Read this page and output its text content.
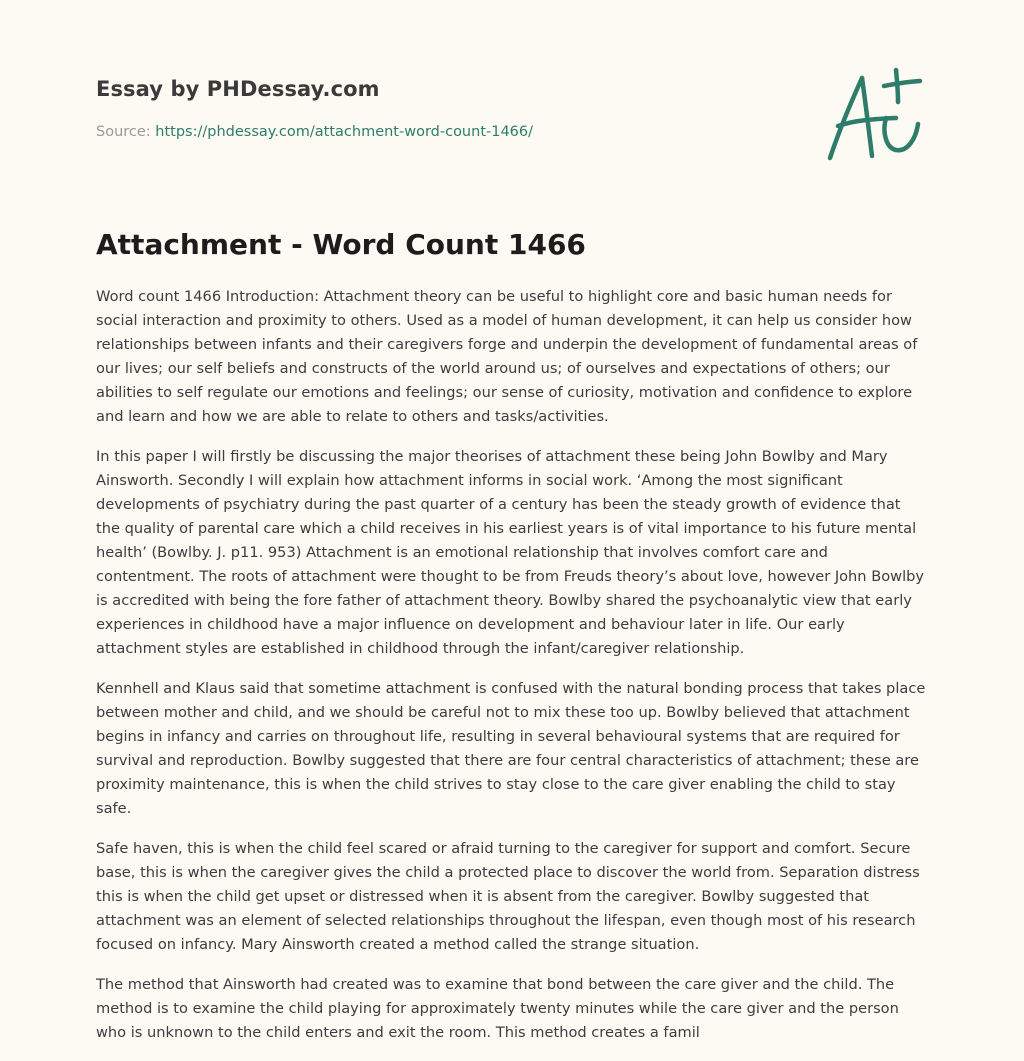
Essay by PHDessay.com
Source: https://phdessay.com/attachment-word-count-1466/
Attachment - Word Count 1466

Word count 1466 Introduction: Attachment theory can be useful to highlight core and basic human needs for social interaction and proximity to others. Used as a model of human development, it can help us consider how relationships between infants and their caregivers forge and underpin the development of fundamental areas of our lives; our self beliefs and constructs of the world around us; of ourselves and expectations of others; our abilities to self regulate our emotions and feelings; our sense of curiosity, motivation and confidence to explore and learn and how we are able to relate to others and tasks/activities.

In this paper I will firstly be discussing the major theorises of attachment these being John Bowlby and Mary Ainsworth. Secondly I will explain how attachment informs in social work. ‘Among the most significant developments of psychiatry during the past quarter of a century has been the steady growth of evidence that the quality of parental care which a child receives in his earliest years is of vital importance to his future mental health’ (Bowlby. J. p11. 953) Attachment is an emotional relationship that involves comfort care and contentment. The roots of attachment were thought to be from Freuds theory’s about love, however John Bowlby is accredited with being the fore father of attachment theory. Bowlby shared the psychoanalytic view that early experiences in childhood have a major influence on development and behaviour later in life. Our early attachment styles are established in childhood through the infant/caregiver relationship.

Kennhell and Klaus said that sometime attachment is confused with the natural bonding process that takes place between mother and child, and we should be careful not to mix these too up. Bowlby believed that attachment begins in infancy and carries on throughout life, resulting in several behavioural systems that are required for survival and reproduction. Bowlby suggested that there are four central characteristics of attachment; these are proximity maintenance, this is when the child strives to stay close to the care giver enabling the child to stay safe.

Safe haven, this is when the child feel scared or afraid turning to the caregiver for support and comfort. Secure base, this is when the caregiver gives the child a protected place to discover the world from. Separation distress this is when the child get upset or distressed when it is absent from the caregiver. Bowlby suggested that attachment was an element of selected relationships throughout the lifespan, even though most of his research focused on infancy. Mary Ainsworth created a method called the strange situation.

The method that Ainsworth had created was to examine that bond between the care giver and the child. The method is to examine the child playing for approximately twenty minutes while the care giver and the person who is unknown to the child enters and exit the room. This method creates a famil
